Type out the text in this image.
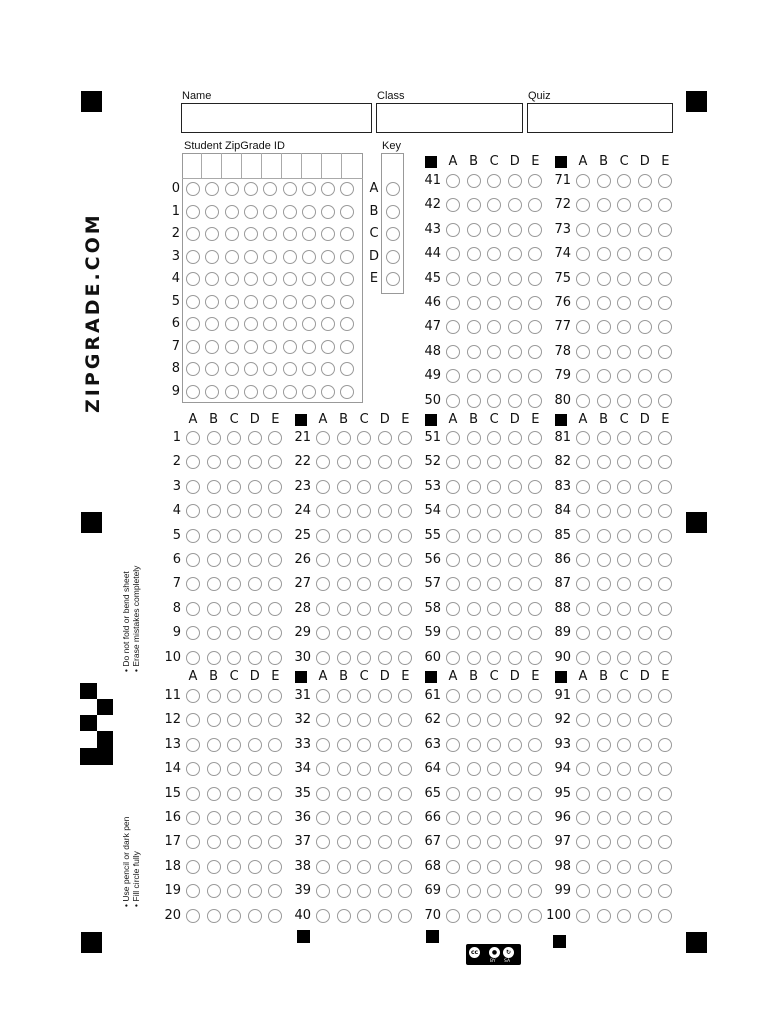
ZIPGRADE.COM
• Do not fold or bend sheet • Erase mistakes completely
• Use pencil or dark pen • Fill circle fully
Name	Class	Quiz
Student ZipGrade ID
0
1
2
3
4
5
6
7
8
9
Key
A
B
C
D
E
A B C D E	A B C D E
41	71
42	72
43	73
44	74
45	75
46	76
47	77
48	78
49	79
50	80
A B C D E	A B C D E	A B C D E	A B C D E
1	21	51	81
2	22	52	82
3	23	53	83
4	24	54	84
5	25	55	85
6	26	56	86
7	27	57	87
8	28	58	88
9	29	59	89
10	30	60	90
A B C D E	A B C D E	A B C D E	A B C D E
11	31	61	91
12	32	62	92
13	33	63	93
14	34	64	94
15	35	65	95
16	36	66	96
17	37	67	97
18	38	68	98
19	39	69	99
20	40	70	100
cc	●	↻
BY SA
